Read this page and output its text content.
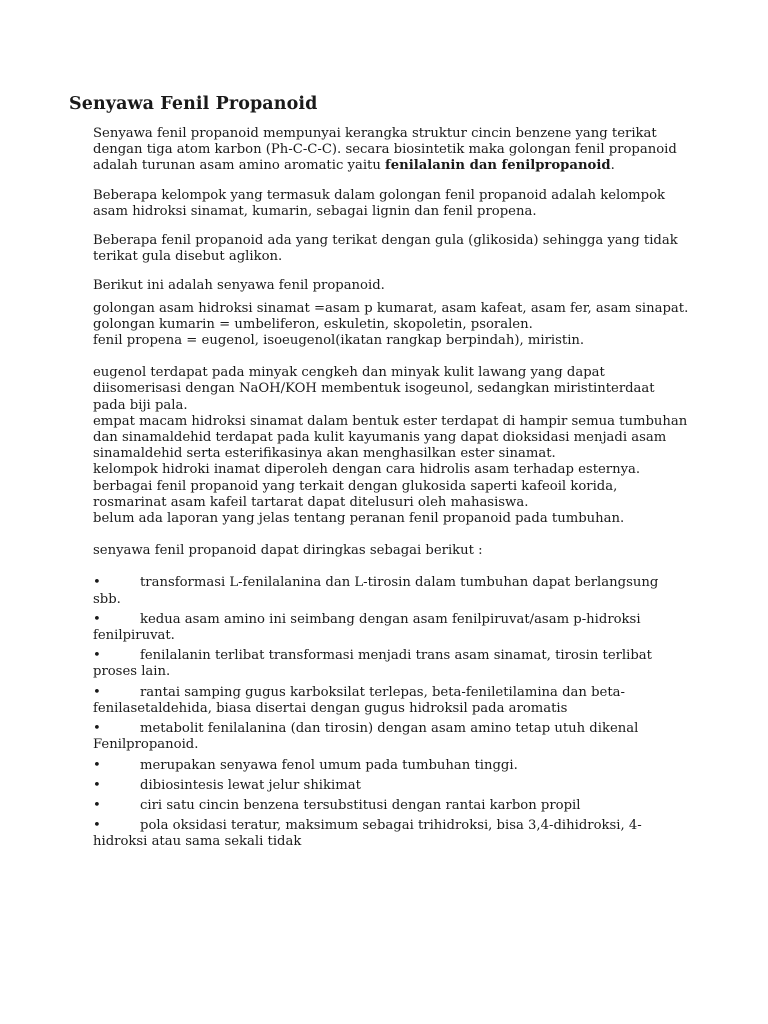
Senyawa Fenil Propanoid
Senyawa fenil propanoid mempunyai kerangka struktur cincin benzene yang terikat
dengan tiga atom karbon (Ph-C-C-C). secara biosintetik maka golongan fenil propanoid
adalah turunan asam amino aromatic yaitu fenilalanin dan fenilpropanoid.
Beberapa kelompok yang termasuk dalam golongan fenil propanoid adalah kelompok
asam hidroksi sinamat, kumarin, sebagai lignin dan fenil propena.
Beberapa fenil propanoid ada yang terikat dengan gula (glikosida) sehingga yang tidak
terikat gula disebut aglikon.
Berikut ini adalah senyawa fenil propanoid.
golongan asam hidroksi sinamat =asam p kumarat, asam kafeat, asam fer, asam sinapat.
golongan kumarin = umbeliferon, eskuletin, skopoletin, psoralen.
fenil propena = eugenol, isoeugenol(ikatan rangkap berpindah), miristin.
eugenol terdapat pada minyak cengkeh dan minyak kulit lawang yang dapat
diisomerisasi dengan NaOH/KOH membentuk isogeunol, sedangkan miristinterdaat
pada biji pala.
empat macam hidroksi sinamat dalam bentuk ester terdapat di hampir semua tumbuhan
dan sinamaldehid terdapat pada kulit kayumanis yang dapat dioksidasi menjadi asam
sinamaldehid serta esterifikasinya akan menghasilkan ester sinamat.
kelompok hidroki inamat diperoleh dengan cara hidrolis asam terhadap esternya.
berbagai fenil propanoid yang terkait dengan glukosida saperti kafeoil korida,
rosmarinat asam kafeil tartarat dapat ditelusuri oleh mahasiswa.
belum ada laporan yang jelas tentang peranan fenil propanoid pada tumbuhan.
senyawa fenil propanoid dapat diringkas sebagai berikut :
•	transformasi L-fenilalanina dan L-tirosin dalam tumbuhan dapat berlangsung
sbb.
•	kedua asam amino ini seimbang dengan asam fenilpiruvat/asam p-hidroksi
fenilpiruvat.
•	fenilalanin terlibat transformasi menjadi trans asam sinamat, tirosin terlibat
proses lain.
•	rantai samping gugus karboksilat terlepas, beta-feniletilamina dan beta-
fenilasetaldehida, biasa disertai dengan gugus hidroksil pada aromatis
•	metabolit fenilalanina (dan tirosin) dengan asam amino tetap utuh dikenal
Fenilpropanoid.
•	merupakan senyawa fenol umum pada tumbuhan tinggi.
•	dibiosintesis lewat jelur shikimat
•	ciri satu cincin benzena tersubstitusi dengan rantai karbon propil
•	pola oksidasi teratur, maksimum sebagai trihidroksi, bisa 3,4-dihidroksi, 4-
hidroksi atau sama sekali tidak
